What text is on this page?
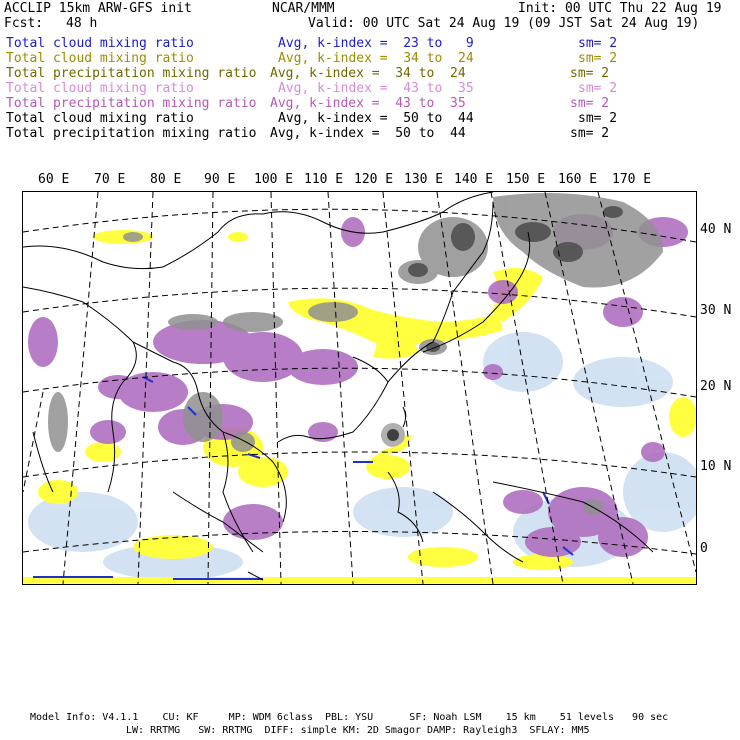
ACCLIP 15km ARW-GFS init	NCAR/MMM	Init: 00 UTC Thu 22 Aug 19
Fcst: 48 h	Valid: 00 UTC Sat 24 Aug 19 (09 JST Sat 24 Aug 19)
Total cloud mixing ratio	Avg, k-index =  23 to   9	sm= 2
Total cloud mixing ratio	Avg, k-index =  34 to  24	sm= 2
Total precipitation mixing ratio Avg, k-index =  34 to  24	sm= 2
Total cloud mixing ratio	Avg, k-index =  43 to  35	sm= 2
Total precipitation mixing ratio Avg, k-index =  43 to  35	sm= 2
Total cloud mixing ratio	Avg, k-index =  50 to  44	sm= 2
Total precipitation mixing ratio Avg, k-index =  50 to  44	sm= 2
60 E 70 E 80 E 90 E 100 E 110 E 120 E 130 E 140 E 150 E 160 E 170 E
40 N
30 N
20 N
10 N
0
Model Info: V4.1.1    CU: KF     MP: WDM 6class  PBL: YSU      SF: Noah LSM    15 km    51 levels   90 sec
LW: RRTMG   SW: RRTMG  DIFF: simple KM: 2D Smagor DAMP: Rayleigh3  SFLAY: MM5
